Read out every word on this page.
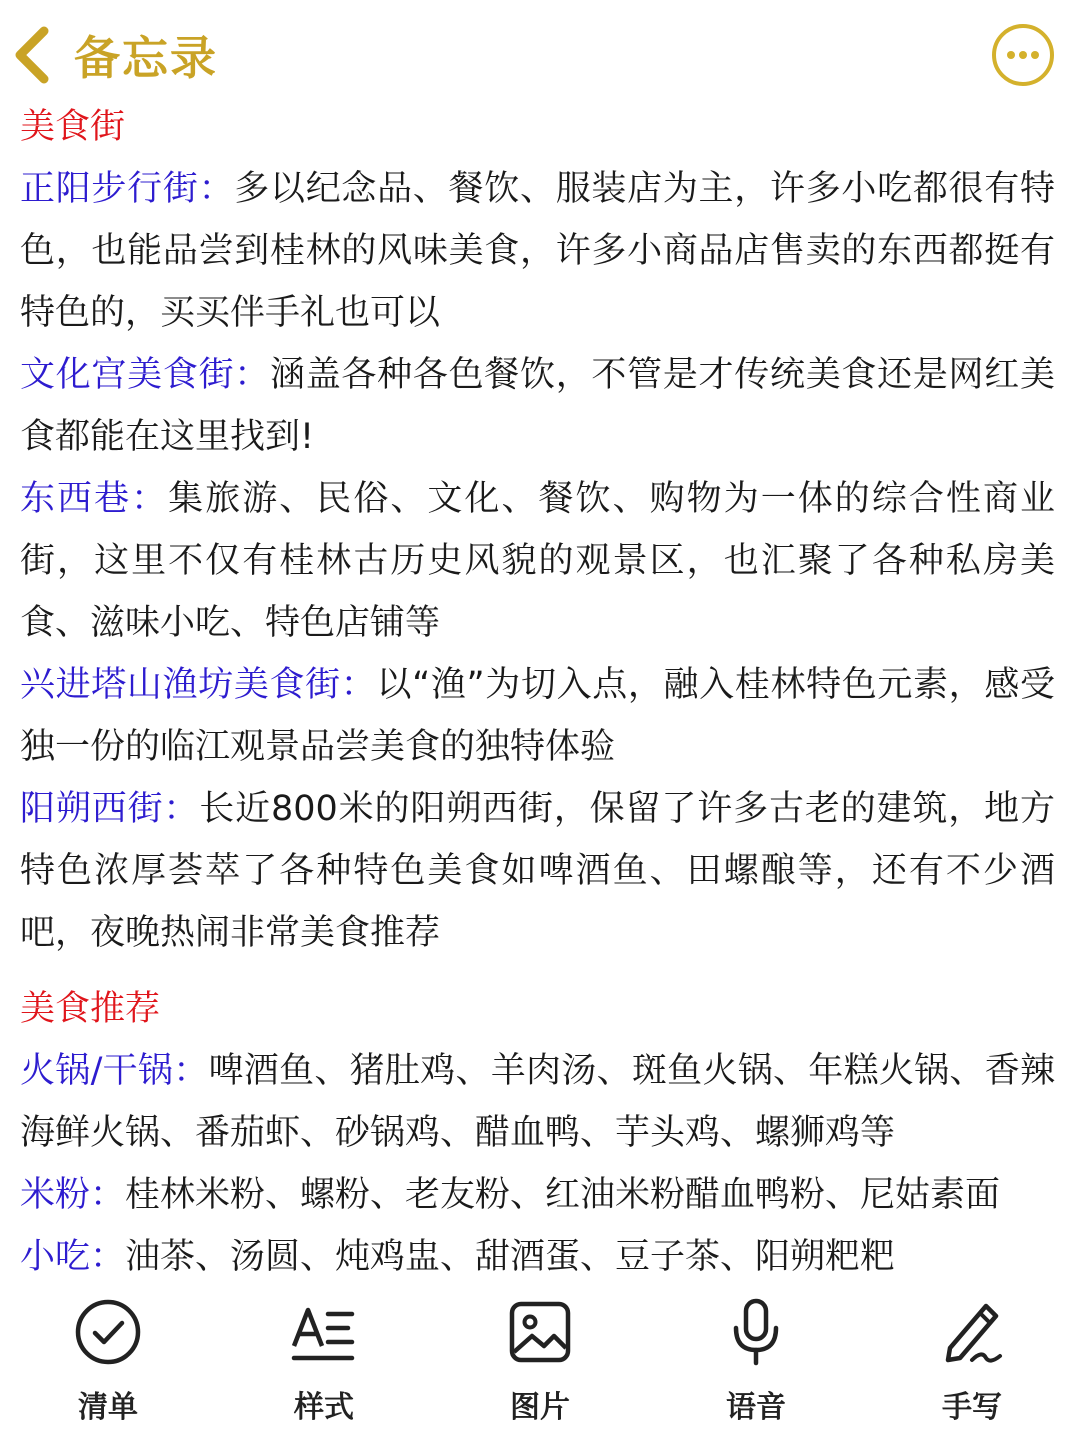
备忘录
美食街

正阳步行街：多以纪念品、餐饮、服装店为主，许多小吃都很有特色，也能品尝到桂林的风味美食，许多小商品店售卖的东西都挺有特色的，买买伴手礼也可以

文化宫美食街：涵盖各种各色餐饮，不管是才传统美食还是网红美食都能在这里找到!

东西巷：集旅游、民俗、文化、餐饮、购物为一体的综合性商业街，这里不仅有桂林古历史风貌的观景区，也汇聚了各种私房美食、滋味小吃、特色店铺等

兴进塔山渔坊美食街：以“渔”为切入点，融入桂林特色元素，感受独一份的临江观景品尝美食的独特体验

阳朔西街：长近800米的阳朔西街，保留了许多古老的建筑，地方特色浓厚荟萃了各种特色美食如啤酒鱼、田螺酿等，还有不少酒吧，夜晚热闹非常美食推荐

美食推荐

火锅/干锅：啤酒鱼、猪肚鸡、羊肉汤、斑鱼火锅、年糕火锅、香辣海鲜火锅、番茄虾、砂锅鸡、醋血鸭、芋头鸡、螺狮鸡等

米粉：桂林米粉、螺粉、老友粉、红油米粉醋血鸭粉、尼姑素面

小吃：油茶、汤圆、炖鸡盅、甜酒蛋、豆子茶、阳朔粑粑

清单	样式	图片	语音	手写
